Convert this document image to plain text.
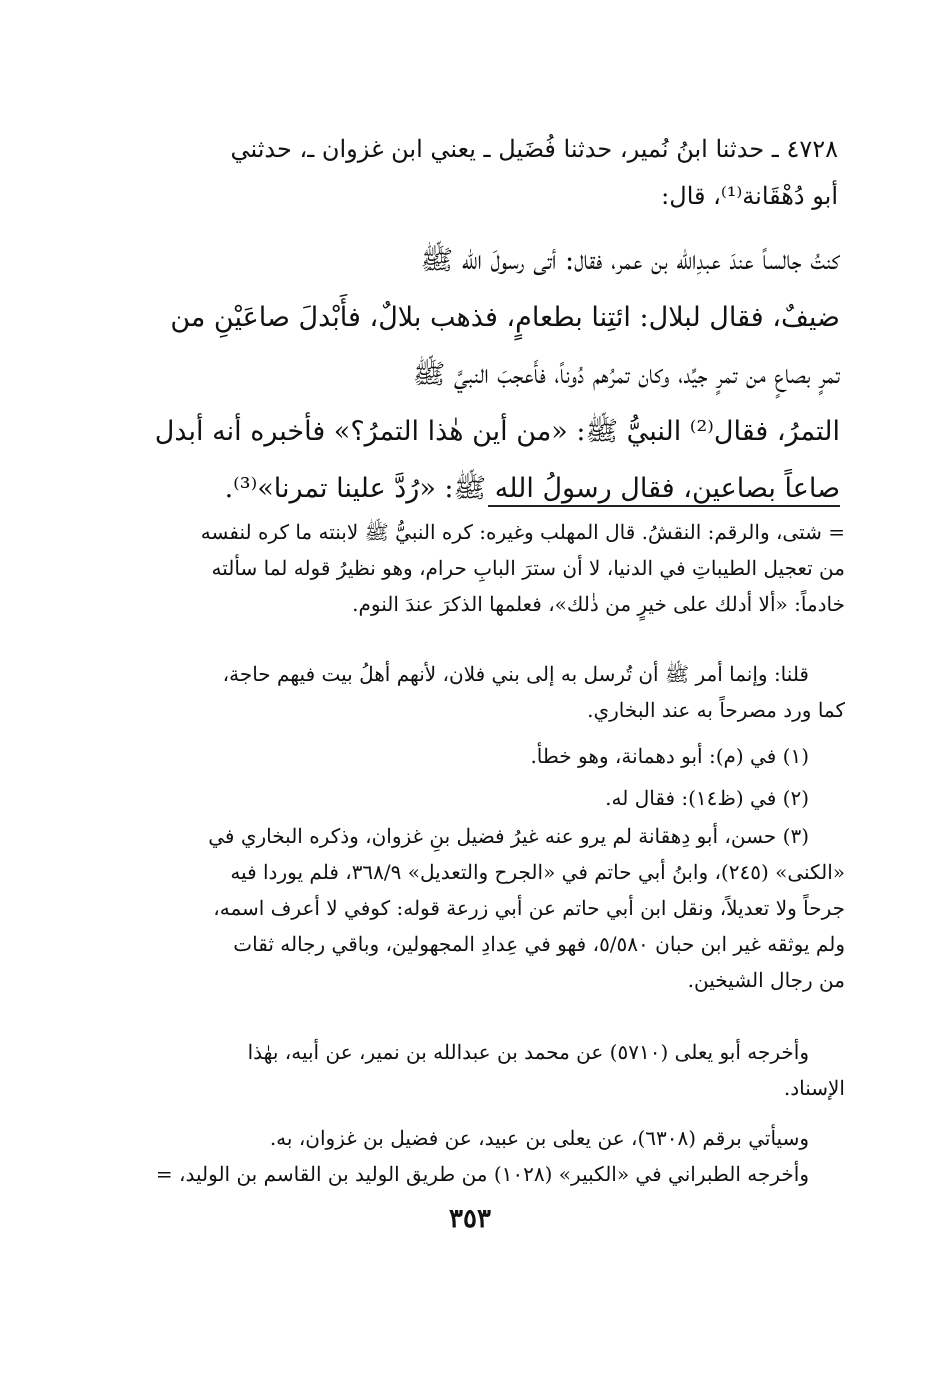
٤٧٢٨ ـ حدثنا ابنُ نُمير، حدثنا فُضَيل ـ يعني ابن غزوان ـ، حدثني
أبو دُهْقَانة⁽¹⁾، قال:
كنتُ جالساً عندَ عبدِالله بن عمر، فقال: أتى رسولَ الله ﷺ
ضيفٌ، فقال لبلال: ائتِنا بطعامٍ، فذهب بلالٌ، فأَبْدلَ صاعَيْنِ من
تمرٍ بصاعٍ من تمرٍ جيِّد، وكان تمرُهم دُوناً، فأَعجبَ النبيَّ ﷺ
التمرُ، فقال⁽²⁾ النبيُّ ﷺ: «من أين هٰذا التمرُ؟» فأخبره أنه أبدل
صاعاً بصاعين، فقال رسولُ الله ﷺ: «رُدَّ علينا تمرنا»⁽³⁾.
= شتى، والرقم: النقشُ. قال المهلب وغيره: كره النبيُّ ﷺ لابنته ما كره لنفسه
من تعجيل الطيباتِ في الدنيا، لا أن سترَ البابِ حرام، وهو نظيرُ قوله لما سألته
خادماً: «ألا أدلك على خيرٍ من ذٰلك»، فعلمها الذكرَ عندَ النوم.
قلنا: وإنما أمر ﷺ أن تُرسل به إلى بني فلان، لأنهم أهلُ بيت فيهم حاجة،
كما ورد مصرحاً به عند البخاري.
(١) في (م): أبو دهمانة، وهو خطأ.
(٢) في (ظ١٤): فقال له.
(٣) حسن، أبو دِهقانة لم يرو عنه غيرُ فضيل بنِ غزوان، وذكره البخاري في
«الكنى» (٢٤٥)، وابنُ أبي حاتم في «الجرح والتعديل» ٣٦٨/٩، فلم يوردا فيه
جرحاً ولا تعديلاً، ونقل ابن أبي حاتم عن أبي زرعة قوله: كوفي لا أعرف اسمه،
ولم يوثقه غير ابن حبان ٥/٥٨٠، فهو في عِدادِ المجهولين، وباقي رجاله ثقات
من رجال الشيخين.
وأخرجه أبو يعلى (٥٧١٠) عن محمد بن عبدالله بن نمير، عن أبيه، بهٰذا
الإسناد.
وسيأتي برقم (٦٣٠٨)، عن يعلى بن عبيد، عن فضيل بن غزوان، به.
وأخرجه الطبراني في «الكبير» (١٠٢٨) من طريق الوليد بن القاسم بن الوليد، =
٣٥٣
